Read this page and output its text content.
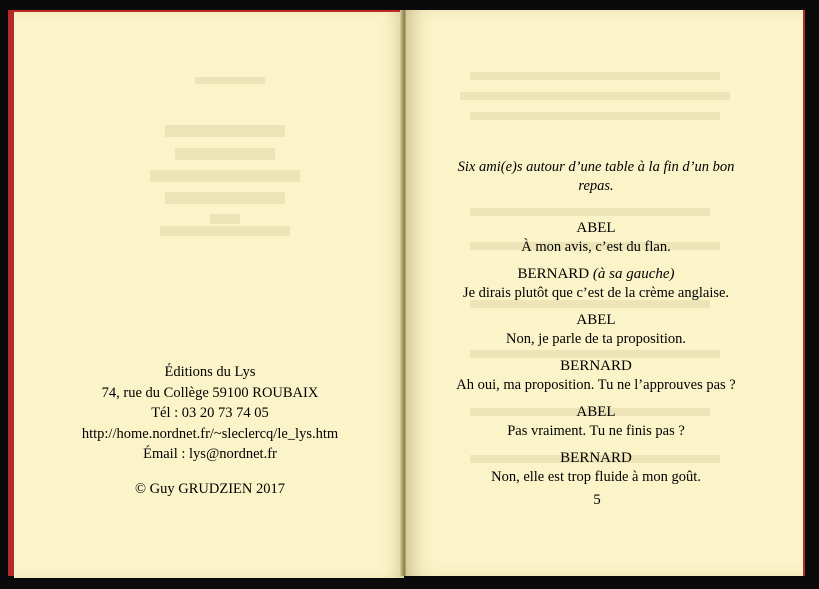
Éditions du Lys
74, rue du Collège 59100 ROUBAIX
Tél : 03 20 73 74 05
http://home.nordnet.fr/~sleclercq/le_lys.htm
Émail : lys@nordnet.fr
© Guy GRUDZIEN 2017
Six ami(e)s autour d’une table à la fin d’un bon repas.
ABEL
À mon avis, c’est du flan.
BERNARD (à sa gauche)
Je dirais plutôt que c’est de la crème anglaise.
ABEL
Non, je parle de ta proposition.
BERNARD
Ah oui, ma proposition. Tu ne l’approuves pas ?
ABEL
Pas vraiment. Tu ne finis pas ?
BERNARD
Non, elle est trop fluide à mon goût.
5
